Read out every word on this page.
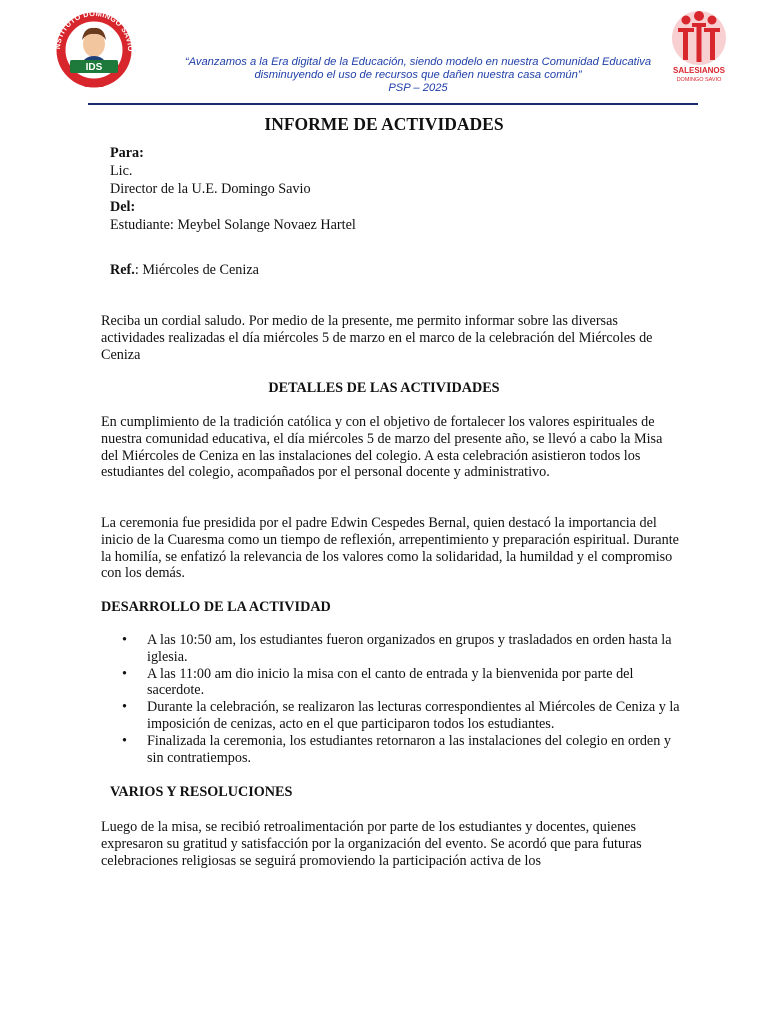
NSTITUTO DOMINGO SAVIO
IDS
LA PAZ
“Avanzamos a la Era digital de la Educación, siendo modelo en nuestra Comunidad Educativa
disminuyendo el uso de recursos que dañen nuestra casa común”
PSP – 2025
SALESIANOS
DOMINGO SAVIO
INFORME DE ACTIVIDADES
Para:
Lic.
Director de la U.E. Domingo Savio
Del:
Estudiante: Meybel Solange Novaez Hartel
Ref.: Miércoles de Ceniza
Reciba un cordial saludo. Por medio de la presente, me permito informar sobre las diversas actividades realizadas el día miércoles 5 de marzo en el marco de la celebración del Miércoles de Ceniza
DETALLES DE LAS ACTIVIDADES
En cumplimiento de la tradición católica y con el objetivo de fortalecer los valores espirituales de nuestra comunidad educativa, el día miércoles 5 de marzo del presente año, se llevó a cabo la Misa del Miércoles de Ceniza en las instalaciones del colegio. A esta celebración asistieron todos los estudiantes del colegio, acompañados por el personal docente y administrativo.
La ceremonia fue presidida por el padre Edwin Cespedes Bernal, quien destacó la importancia del inicio de la Cuaresma como un tiempo de reflexión, arrepentimiento y preparación espiritual. Durante la homilía, se enfatizó la relevancia de los valores como la solidaridad, la humildad y el compromiso con los demás.
DESARROLLO DE LA ACTIVIDAD
• A las 10:50 am, los estudiantes fueron organizados en grupos y trasladados en orden hasta la iglesia.
• A las 11:00 am dio inicio la misa con el canto de entrada y la bienvenida por parte del sacerdote.
• Durante la celebración, se realizaron las lecturas correspondientes al Miércoles de Ceniza y la imposición de cenizas, acto en el que participaron todos los estudiantes.
• Finalizada la ceremonia, los estudiantes retornaron a las instalaciones del colegio en orden y sin contratiempos.
VARIOS Y RESOLUCIONES
Luego de la misa, se recibió retroalimentación por parte de los estudiantes y docentes, quienes expresaron su gratitud y satisfacción por la organización del evento. Se acordó que para futuras celebraciones religiosas se seguirá promoviendo la participación activa de los
